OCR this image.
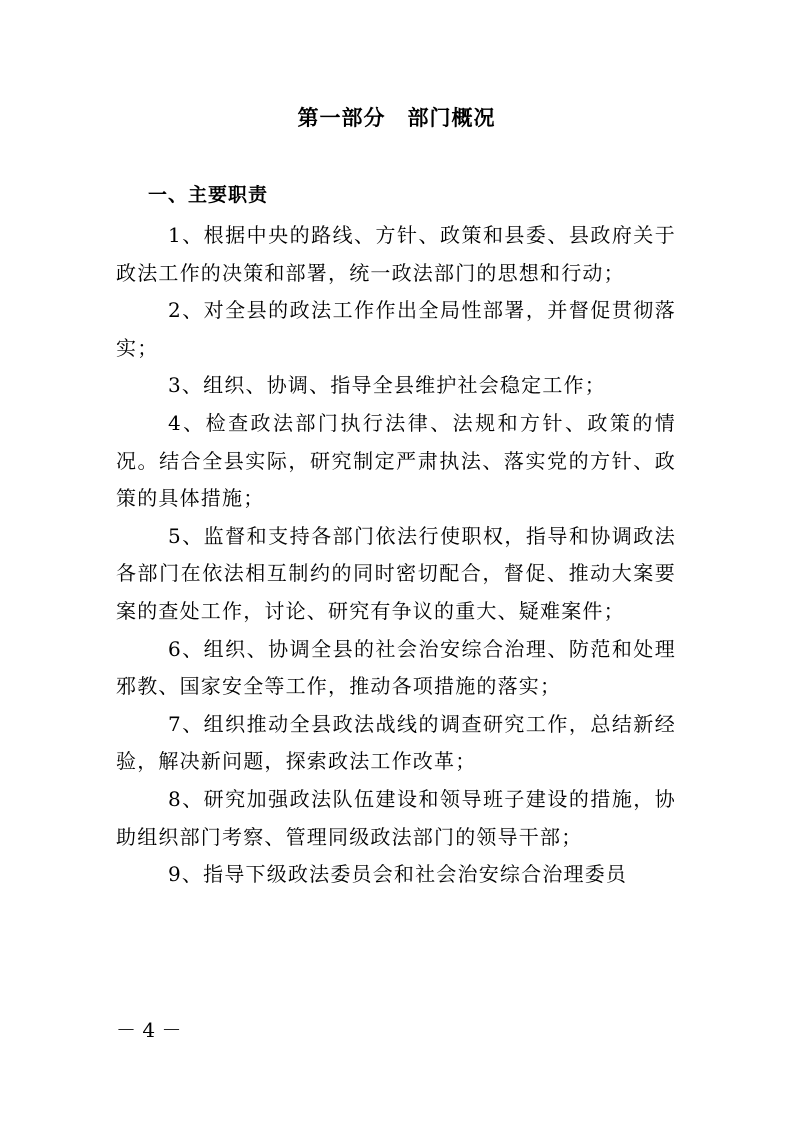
第一部分　部门概况
一、主要职责

1、根据中央的路线、方针、政策和县委、县政府关于政法工作的决策和部署，统一政法部门的思想和行动；

2、对全县的政法工作作出全局性部署，并督促贯彻落实；

3、组织、协调、指导全县维护社会稳定工作；

4、检查政法部门执行法律、法规和方针、政策的情况。结合全县实际，研究制定严肃执法、落实党的方针、政策的具体措施；

5、监督和支持各部门依法行使职权，指导和协调政法各部门在依法相互制约的同时密切配合，督促、推动大案要案的查处工作，讨论、研究有争议的重大、疑难案件；

6、组织、协调全县的社会治安综合治理、防范和处理邪教、国家安全等工作，推动各项措施的落实；

7、组织推动全县政法战线的调查研究工作，总结新经验，解决新问题，探索政法工作改革；

8、研究加强政法队伍建设和领导班子建设的措施，协助组织部门考察、管理同级政法部门的领导干部；

9、指导下级政法委员会和社会治安综合治理委员

－ 4 －
